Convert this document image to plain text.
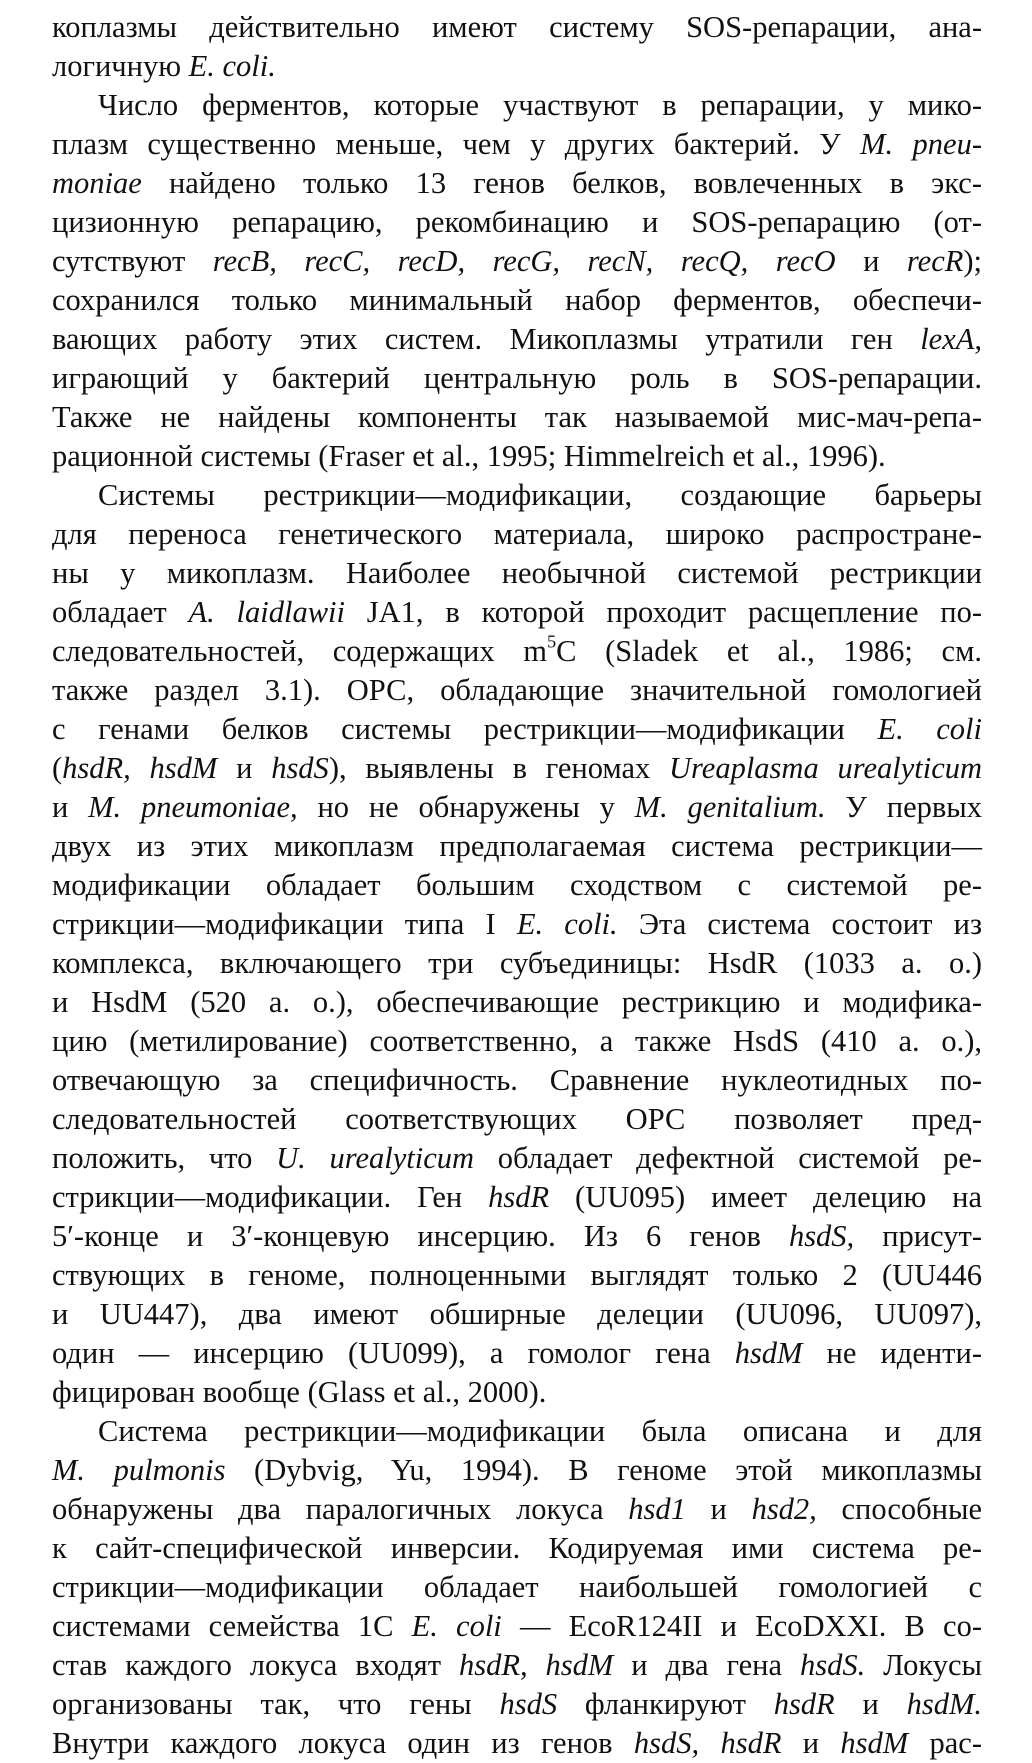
коплазмы действительно имеют систему SOS-репарации, ана-
логичную E. coli.
Число ферментов, которые участвуют в репарации, у мико-
плазм существенно меньше, чем у других бактерий. У M. pneu-
moniae найдено только 13 генов белков, вовлеченных в экс-
цизионную репарацию, рекомбинацию и SOS-репарацию (от-
сутствуют recB, recC, recD, recG, recN, recQ, recO и recR);
сохранился только минимальный набор ферментов, обеспечи-
вающих работу этих систем. Микоплазмы утратили ген lexA,
играющий у бактерий центральную роль в SOS-репарации.
Также не найдены компоненты так называемой мис-мач-репа-
рационной системы (Fraser et al., 1995; Himmelreich et al., 1996).
Системы рестрикции—модификации, создающие барьеры
для переноса генетического материала, широко распростране-
ны у микоплазм. Наиболее необычной системой рестрикции
обладает A. laidlawii JA1, в которой проходит расщепление по-
следовательностей, содержащих $m^5C$ (Sladek et al., 1986; см.
также раздел 3.1). ОРС, обладающие значительной гомологией
с генами белков системы рестрикции—модификации E. coli
(hsdR, hsdM и hsdS), выявлены в геномах Ureaplasma urealyticum
и M. pneumoniae, но не обнаружены у M. genitalium. У первых
двух из этих микоплазм предполагаемая система рестрикции—
модификации обладает большим сходством с системой ре-
стрикции—модификации типа I E. coli. Эта система состоит из
комплекса, включающего три субъединицы: HsdR (1033 а. о.)
и HsdM (520 а. о.), обеспечивающие рестрикцию и модифика-
цию (метилирование) соответственно, а также HsdS (410 а. о.),
отвечающую за специфичность. Сравнение нуклеотидных по-
следовательностей соответствующих ОРС позволяет пред-
положить, что U. urealyticum обладает дефектной системой ре-
стрикции—модификации. Ген hsdR (UU095) имеет делецию на
5′-конце и 3′-концевую инсерцию. Из 6 генов hsdS, присут-
ствующих в геноме, полноценными выглядят только 2 (UU446
и UU447), два имеют обширные делеции (UU096, UU097),
один — инсерцию (UU099), а гомолог гена hsdM не иденти-
фицирован вообще (Glass et al., 2000).
Система рестрикции—модификации была описана и для
M. pulmonis (Dybvig, Yu, 1994). В геноме этой микоплазмы
обнаружены два паралогичных локуса hsd1 и hsd2, способные
к сайт-специфической инверсии. Кодируемая ими система ре-
стрикции—модификации обладает наибольшей гомологией с
системами семейства 1C E. coli — EcoR124II и EcoDXXI. В со-
став каждого локуса входят hsdR, hsdM и два гена hsdS. Локусы
организованы так, что гены hsdS фланкируют hsdR и hsdM.
Внутри каждого локуса один из генов hsdS, hsdR и hsdM рас-
